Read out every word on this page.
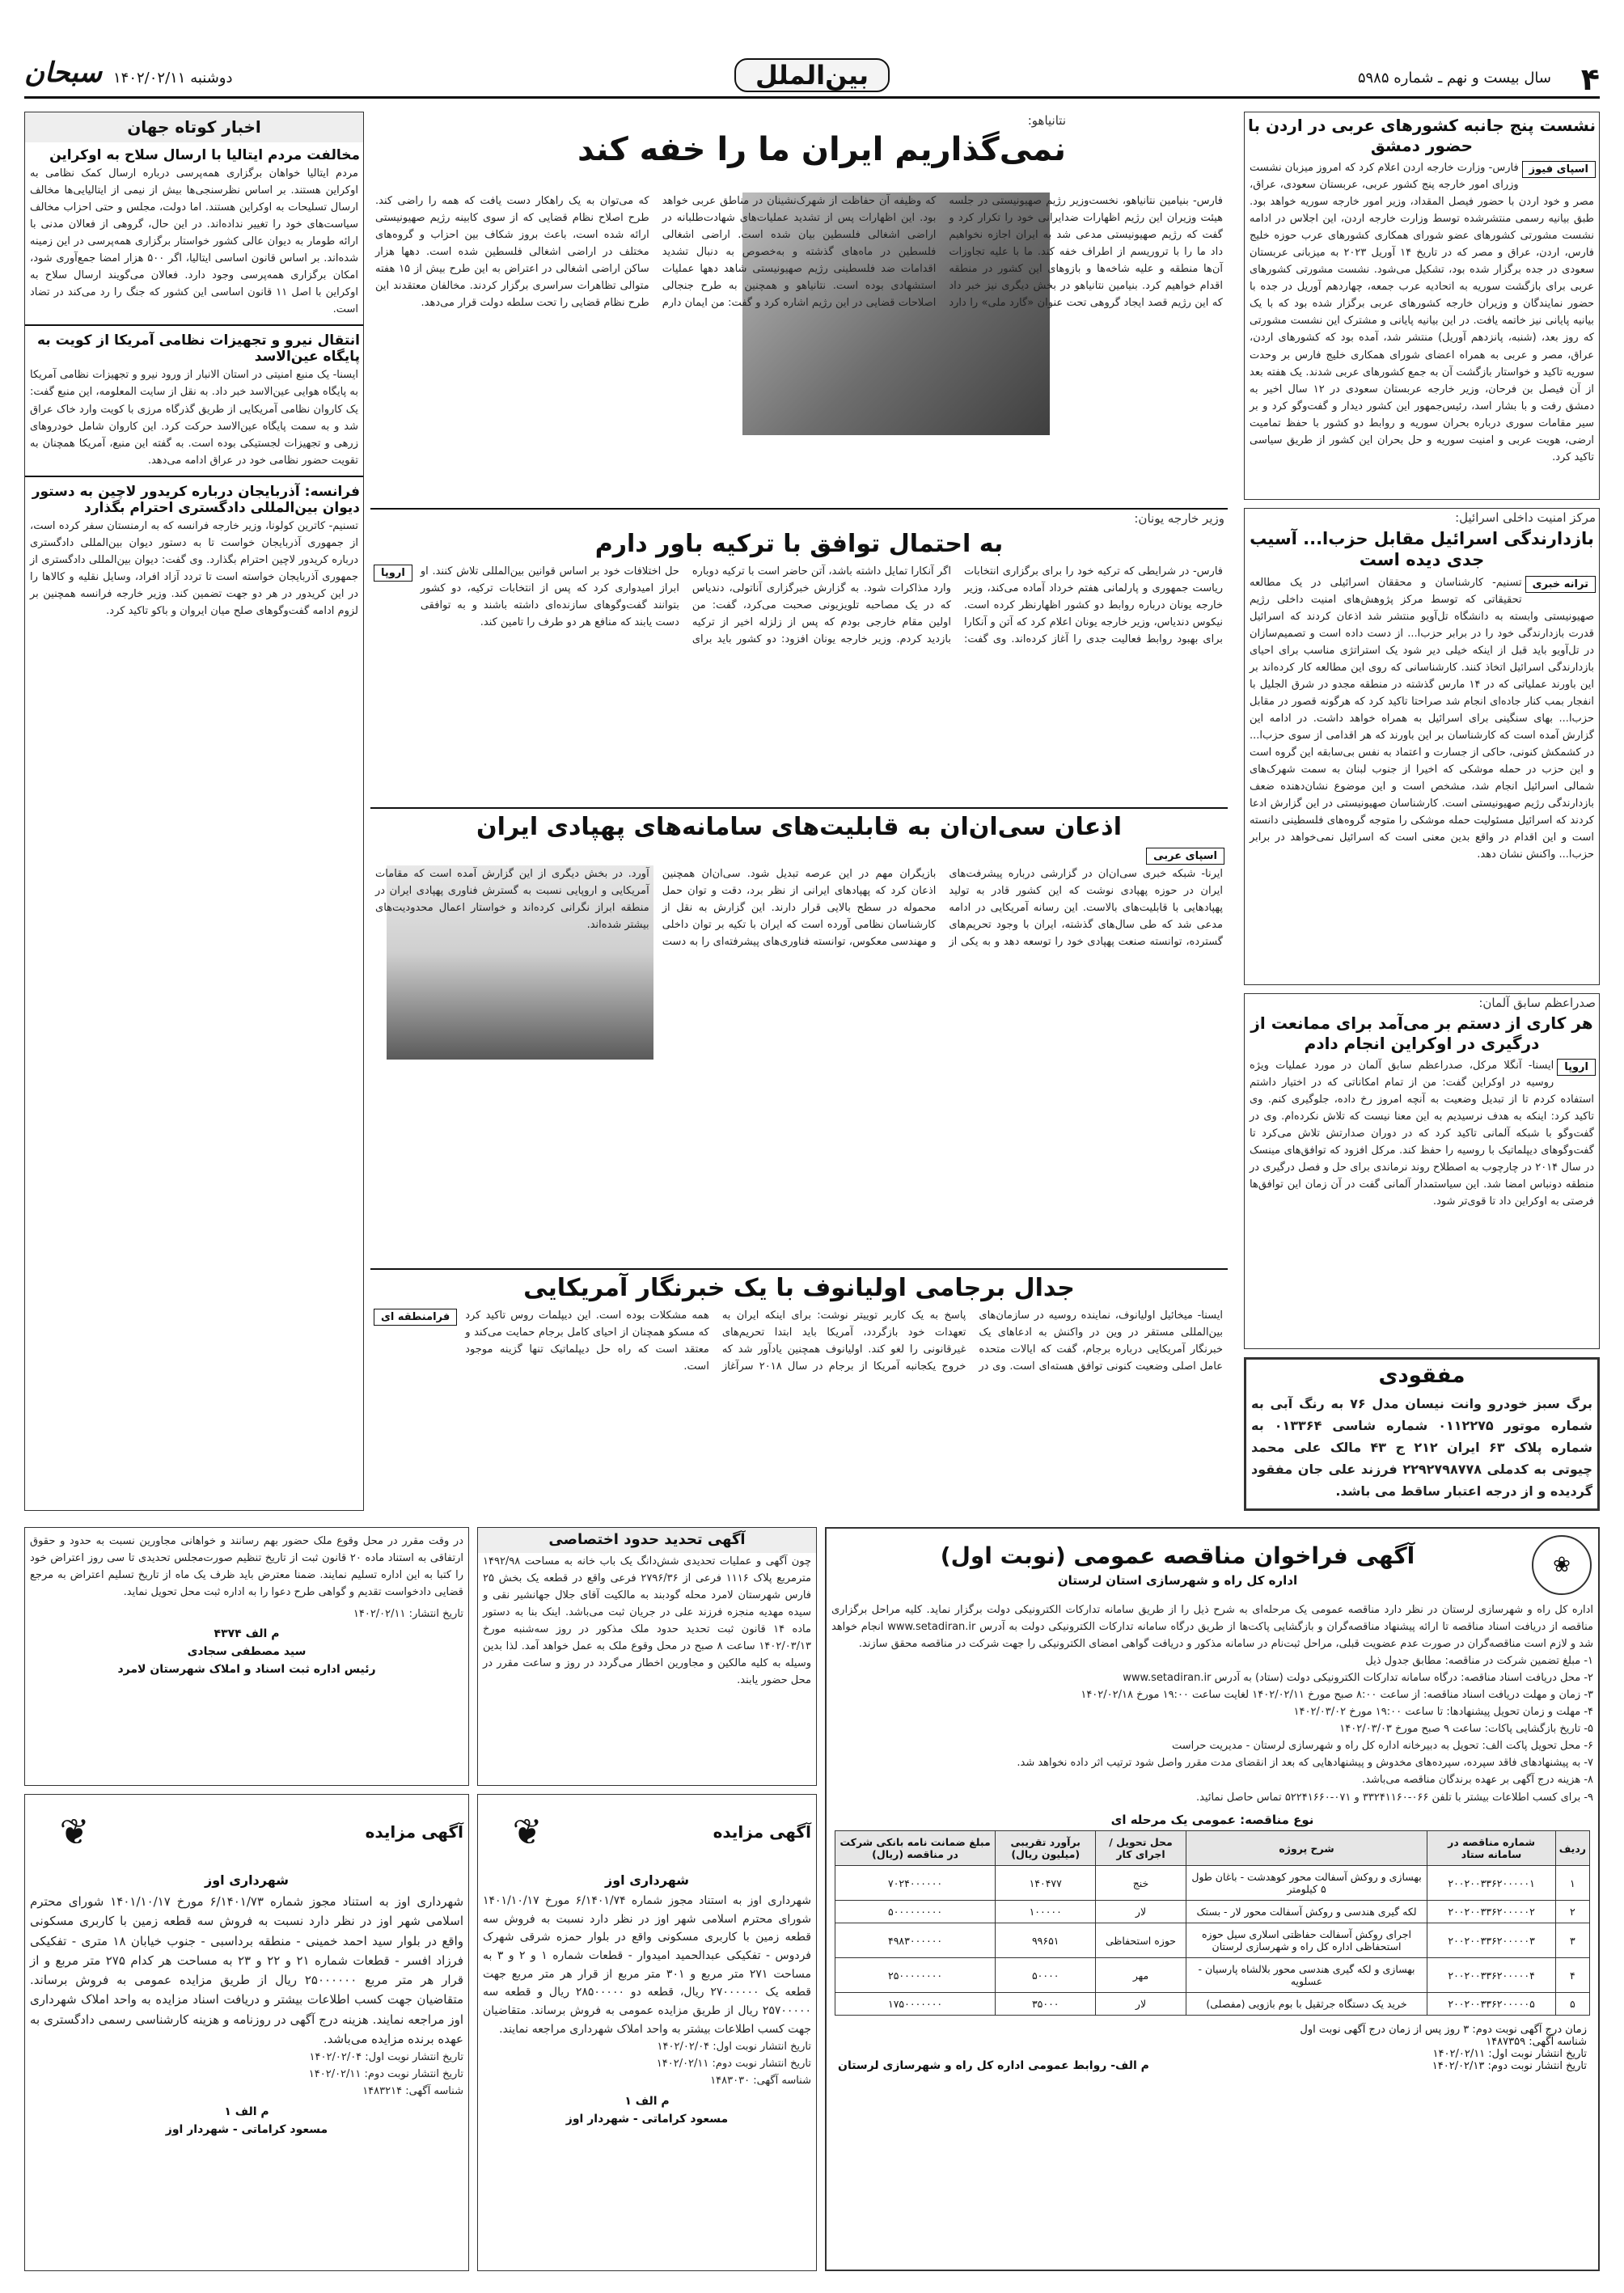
۴
سال بیست و نهم ـ شماره ۵۹۸۵
بین‌الملل
دوشنبه ۱۴۰۲/۰۲/۱۱
سبحان
نشست پنج جانبه کشورهای عربی در اردن با حضور دمشق
اسپای فیوز
فارس- وزارت خارجه اردن اعلام کرد که امروز میزبان نشست وزرای امور خارجه پنج کشور عربی، عربستان سعودی، عراق، مصر و خود اردن با حضور فیصل المقداد، وزیر امور خارجه سوریه خواهد بود. طبق بیانیه رسمی منتشرشده توسط وزارت خارجه اردن، این اجلاس در ادامه نشست مشورتی کشورهای عضو شورای همکاری کشورهای عرب حوزه خلیج فارس، اردن، عراق و مصر که در تاریخ ۱۴ آوریل ۲۰۲۳ به میزبانی عربستان سعودی در جده برگزار شده بود، تشکیل می‌شود. نشست مشورتی کشورهای عربی برای بازگشت سوریه به اتحادیه عرب جمعه، چهاردهم آوریل در جده با حضور نمایندگان و وزیران خارجه کشورهای عربی برگزار شده بود که با یک بیانیه پایانی نیز خاتمه یافت. در این بیانیه پایانی و مشترک این نشست مشورتی که روز بعد، (شنبه، پانزدهم آوریل) منتشر شد، آمده بود که کشورهای اردن، عراق، مصر و عربی به همراه اعضای شورای همکاری خلیج فارس بر وحدت سوریه تاکید و خواستار بازگشت آن به جمع کشورهای عربی شدند. یک هفته بعد از آن فیصل بن فرحان، وزیر خارجه عربستان سعودی در ۱۲ سال اخیر به دمشق رفت و با بشار اسد، رئیس‌جمهور این کشور دیدار و گفت‌وگو کرد و بر سیر مقامات سوری درباره بحران سوریه و روابط دو کشور با حفظ تمامیت ارضی، هویت عربی و امنیت سوریه و حل بحران این کشور از طریق سیاسی تاکید کرد.
مرکز امنیت داخلی اسرائیل:
بازدارندگی اسرائیل مقابل حزب‌ا... آسیب جدی دیده است
ترانه خبری
تسنیم- کارشناسان و محققان اسرائیلی در یک مطالعه تحقیقاتی که توسط مرکز پژوهش‌های امنیت داخلی رژیم صهیونیستی وابسته به دانشگاه تل‌آویو منتشر شد اذعان کردند که اسرائیل قدرت بازدارندگی خود را در برابر حزب‌ا... از دست داده است و تصمیم‌سازان در تل‌آویو باید قبل از اینکه خیلی دیر شود یک استراتژی مناسب برای احیای بازدارندگی اسرائیل اتخاذ کنند. کارشناسانی که روی این مطالعه کار کرده‌اند بر این باورند عملیاتی که در ۱۴ مارس گذشته در منطقه مجدو در شرق الجلیل با انفجار بمب کنار جاده‌ای انجام شد صراحتا تاکید کرد که هرگونه قصور در مقابل حزب‌ا... بهای سنگینی برای اسرائیل به همراه خواهد داشت. در ادامه این گزارش آمده است که کارشناسان بر این باورند که هر اقدامی از سوی حزب‌ا... در کشمکش کنونی، حاکی از جسارت و اعتماد به نفس بی‌سابقه این گروه است و این حزب در حمله موشکی که اخیرا از جنوب لبنان به سمت شهرک‌های شمالی اسرائیل انجام شد، مشخص است و این موضوع نشان‌دهنده ضعف بازدارندگی رژیم صهیونیستی است. کارشناسان صهیونیستی در این گزارش ادعا کردند که اسرائیل مسئولیت حمله موشکی را متوجه گروه‌های فلسطینی دانسته است و این اقدام در واقع بدین معنی است که اسرائیل نمی‌خواهد در برابر حزب‌ا... واکنش نشان دهد.
صدراعظم سابق آلمان:
هر کاری از دستم بر می‌آمد برای ممانعت از درگیری در اوکراین انجام دادم
اروپا
ایسنا- آنگلا مرکل، صدراعظم سابق آلمان در مورد عملیات ویژه روسیه در اوکراین گفت: من از تمام امکاناتی که در اختیار داشتم استفاده کردم تا از تبدیل وضعیت به آنچه امروز رخ داده، جلوگیری کنم. وی تاکید کرد: اینکه به هدف نرسیدیم به این معنا نیست که تلاش نکرده‌ام. وی در گفت‌وگو با شبکه آلمانی تاکید کرد که در دوران صدارتش تلاش می‌کرد تا گفت‌وگوهای دیپلماتیک با روسیه را حفظ کند. مرکل افزود که توافق‌های مینسک در سال ۲۰۱۴ در چارچوب به اصطلاح روند نرماندی برای حل و فصل درگیری در منطقه دونباس امضا شد. این سیاستمدار آلمانی گفت در آن زمان این توافق‌ها فرصتی به اوکراین داد تا قوی‌تر شود.
مفقودی
برگ سبز خودرو وانت نیسان مدل ۷۶ به رنگ آبی به شماره موتور ۰۱۱۲۲۷۵ شماره شاسی ۰۱۳۳۶۴ به شماره پلاک ۶۳ ایران ۲۱۲ ج ۴۳ مالک علی محمد چیوتی به کدملی ۲۲۹۲۷۹۸۷۷۸ فرزند علی جان مفقود گردیده و از درجه اعتبار ساقط می باشد.
نتانیاهو:
نمی‌گذاریم ایران ما را خفه کند
فارس- بنیامین نتانیاهو، نخست‌وزیر رژیم صهیونیستی در جلسه هیئت وزیران این رژیم اظهارات ضدایرانی خود را تکرار کرد و گفت که رژیم صهیونیستی مدعی شد به ایران اجازه نخواهیم داد ما را با تروریسم از اطراف خفه کند. ما با علیه تجاوزات آن‌ها منطقه و علیه شاخه‌ها و بازوهای این کشور در منطقه اقدام خواهیم کرد. بنیامین نتانیاهو در بخش دیگری نیز خبر داد که این رژیم قصد ایجاد گروهی تحت عنوان «گارد ملی» را دارد که وظیفه آن حفاظت از شهرک‌نشینان در مناطق عربی خواهد بود. این اظهارات پس از تشدید عملیات‌های شهادت‌طلبانه در اراضی اشغالی فلسطین بیان شده است. اراضی اشغالی فلسطین در ماه‌های گذشته و به‌خصوص به دنبال تشدید اقدامات ضد فلسطینی رژیم صهیونیستی شاهد دهها عملیات استشهادی بوده است. نتانیاهو و همچنین به طرح جنجالی اصلاحات قضایی در این رژیم اشاره کرد و گفت: من ایمان دارم که می‌توان به یک راهکار دست یافت که همه را راضی کند. طرح اصلاح نظام قضایی که از سوی کابینه رژیم صهیونیستی ارائه شده است، باعث بروز شکاف بین احزاب و گروه‌های مختلف در اراضی اشغالی فلسطین شده است. دهها هزار ساکن اراضی اشغالی در اعتراض به این طرح بیش از ۱۵ هفته متوالی تظاهرات سراسری برگزار کردند. مخالفان معتقدند این طرح نظام قضایی را تحت سلطه دولت قرار می‌دهد.
وزیر خارجه یونان:
به احتمال توافق با ترکیه باور دارم
اروپا	فارس- در شرایطی که ترکیه خود را برای برگزاری انتخابات ریاست جمهوری و پارلمانی هفتم خرداد آماده می‌کند، وزیر خارجه یونان درباره روابط دو کشور اظهارنظر کرده است. نیکوس دندیاس، وزیر خارجه یونان اعلام کرد که آتن و آنکارا برای بهبود روابط فعالیت جدی را آغاز کرده‌اند. وی گفت: اگر آنکارا تمایل داشته باشد، آتن حاضر است با ترکیه دوباره وارد مذاکرات شود. به گزارش خبرگزاری آناتولی، دندیاس که در یک مصاحبه تلویزیونی صحبت می‌کرد، گفت: من اولین مقام خارجی بودم که پس از زلزله اخیر از ترکیه بازدید کردم. وزیر خارجه یونان افزود: دو کشور باید برای حل اختلافات خود بر اساس قوانین بین‌المللی تلاش کنند. او ابراز امیدواری کرد که پس از انتخابات ترکیه، دو کشور بتوانند گفت‌وگوهای سازنده‌ای داشته باشند و به توافقی دست یابند که منافع هر دو طرف را تامین کند.
اذعان سی‌ان‌ان به قابلیت‌های سامانه‌های پهپادی ایران
اسپای عربی
ایرنا- شبکه خبری سی‌ان‌ان در گزارشی درباره پیشرفت‌های ایران در حوزه پهپادی نوشت که این کشور قادر به تولید پهپادهایی با قابلیت‌های بالاست. این رسانه آمریکایی در ادامه مدعی شد که طی سال‌های گذشته، ایران با وجود تحریم‌های گسترده، توانسته صنعت پهپادی خود را توسعه دهد و به یکی از بازیگران مهم در این عرصه تبدیل شود. سی‌ان‌ان همچنین اذعان کرد که پهپادهای ایرانی از نظر برد، دقت و توان حمل محموله در سطح بالایی قرار دارند. این گزارش به نقل از کارشناسان نظامی آورده است که ایران با تکیه بر توان داخلی و مهندسی معکوس، توانسته فناوری‌های پیشرفته‌ای را به دست آورد. در بخش دیگری از این گزارش آمده است که مقامات آمریکایی و اروپایی نسبت به گسترش فناوری پهپادی ایران در منطقه ابراز نگرانی کرده‌اند و خواستار اعمال محدودیت‌های بیشتر شده‌اند.
جدال برجامی اولیانوف با یک خبرنگار آمریکایی
فرامنطقه ای	ایسنا- میخائیل اولیانوف، نماینده روسیه در سازمان‌های بین‌المللی مستقر در وین در واکنش به ادعاهای یک خبرنگار آمریکایی درباره برجام، گفت که ایالات متحده عامل اصلی وضعیت کنونی توافق هسته‌ای است. وی در پاسخ به یک کاربر توییتر نوشت: برای اینکه ایران به تعهدات خود بازگردد، آمریکا باید ابتدا تحریم‌های غیرقانونی را لغو کند. اولیانوف همچنین یادآور شد که خروج یکجانبه آمریکا از برجام در سال ۲۰۱۸ سرآغاز همه مشکلات بوده است. این دیپلمات روس تاکید کرد که مسکو همچنان از احیای کامل برجام حمایت می‌کند و معتقد است که راه حل دیپلماتیک تنها گزینه موجود است.
اخبار کوتاه جهان
مخالفت مردم ایتالیا با ارسال سلاح به اوکراین
مردم ایتالیا خواهان برگزاری همه‌پرسی درباره ارسال کمک نظامی به اوکراین هستند. بر اساس نظرسنجی‌ها بیش از نیمی از ایتالیایی‌ها مخالف ارسال تسلیحات به اوکراین هستند. اما دولت، مجلس و حتی احزاب مخالف سیاست‌های خود را تغییر نداده‌اند. در این حال، گروهی از فعالان مدنی با ارائه طومار به دیوان عالی کشور خواستار برگزاری همه‌پرسی در این زمینه شده‌اند. بر اساس قانون اساسی ایتالیا، اگر ۵۰۰ هزار امضا جمع‌آوری شود، امکان برگزاری همه‌پرسی وجود دارد. فعالان می‌گویند ارسال سلاح به اوکراین با اصل ۱۱ قانون اساسی این کشور که جنگ را رد می‌کند در تضاد است.
انتقال نیرو و تجهیزات نظامی آمریکا از کویت به پایگاه عین‌الاسد
ایسنا- یک منبع امنیتی در استان الانبار از ورود نیرو و تجهیزات نظامی آمریکا به پایگاه هوایی عین‌الاسد خبر داد. به نقل از سایت المعلومه، این منبع گفت: یک کاروان نظامی آمریکایی از طریق گذرگاه مرزی با کویت وارد خاک عراق شد و به سمت پایگاه عین‌الاسد حرکت کرد. این کاروان شامل خودروهای زرهی و تجهیزات لجستیکی بوده است. به گفته این منبع، آمریکا همچنان به تقویت حضور نظامی خود در عراق ادامه می‌دهد.
فرانسه: آذربایجان درباره کریدور لاچین به دستور دیوان بین‌المللی دادگستری احترام بگذارد
تسنیم- کاترین کولونا، وزیر خارجه فرانسه که به ارمنستان سفر کرده است، از جمهوری آذربایجان خواست تا به دستور دیوان بین‌المللی دادگستری درباره کریدور لاچین احترام بگذارد. وی گفت: دیوان بین‌المللی دادگستری از جمهوری آذربایجان خواسته است تا تردد آزاد افراد، وسایل نقلیه و کالاها را در این کریدور در هر دو جهت تضمین کند. وزیر خارجه فرانسه همچنین بر لزوم ادامه گفت‌وگوهای صلح میان ایروان و باکو تاکید کرد.
در وقت مقرر در محل وقوع ملک حضور بهم رسانند و خواهانی مجاورین نسبت به حدود و حقوق ارتفاقی به استناد ماده ۲۰ قانون ثبت از تاریخ تنظیم صورت‌مجلس تحدیدی تا سی روز اعتراض خود را کتبا به این اداره تسلیم نمایند. ضمنا معترض باید ظرف یک ماه از تاریخ تسلیم اعتراض به مرجع قضایی دادخواست تقدیم و گواهی طرح دعوا را به اداره ثبت محل تحویل نماید.
تاریخ انتشار: ۱۴۰۲/۰۲/۱۱
م الف ۴۳۷۴
سید مصطفی سجادی
رئیس اداره ثبت اسناد و املاک شهرستان لامرد
آگهی تحدید حدود اختصاصی
چون آگهی و عملیات تحدیدی شش‌دانگ یک باب خانه به مساحت ۱۴۹۲/۹۸ مترمربع پلاک ۱۱۱۶ فرعی از ۲۷۹۶/۳۶ فرعی واقع در قطعه یک بخش ۲۵ فارس شهرستان لامرد محله گودبند به مالکیت آقای جلال جهانشیر نقی و سیده مهدیه منجزه فرزند علی در جریان ثبت می‌باشد. اینک بنا به دستور ماده ۱۴ قانون ثبت تحدید حدود ملک مذکور در روز سه‌شنبه مورخ ۱۴۰۲/۰۳/۱۳ ساعت ۸ صبح در محل وقوع ملک به عمل خواهد آمد. لذا بدین وسیله به کلیه مالکین و مجاورین اخطار می‌گردد در روز و ساعت مقرر در محل حضور یابند.
❀
آگهی فراخوان مناقصه عمومی (نوبت اول)
اداره کل راه و شهرسازی استان لرستان
اداره کل راه و شهرسازی لرستان در نظر دارد مناقصه عمومی یک مرحله‌ای به شرح ذیل را از طریق سامانه تدارکات الکترونیکی دولت برگزار نماید. کلیه مراحل برگزاری مناقصه از دریافت اسناد مناقصه تا ارائه پیشنهاد مناقصه‌گران و بازگشایی پاکت‌ها از طریق درگاه سامانه تدارکات الکترونیکی دولت به آدرس www.setadiran.ir انجام خواهد شد و لازم است مناقصه‌گران در صورت عدم عضویت قبلی، مراحل ثبت‌نام در سامانه مذکور و دریافت گواهی امضای الکترونیکی را جهت شرکت در مناقصه محقق سازند.
۱- مبلغ تضمین شرکت در مناقصه: مطابق جدول ذیل
۲- محل دریافت اسناد مناقصه: درگاه سامانه تدارکات الکترونیکی دولت (ستاد) به آدرس www.setadiran.ir
۳- زمان و مهلت دریافت اسناد مناقصه: از ساعت ۸:۰۰ صبح مورخ ۱۴۰۲/۰۲/۱۱ لغایت ساعت ۱۹:۰۰ مورخ ۱۴۰۲/۰۲/۱۸
۴- مهلت و زمان تحویل پیشنهادها: تا ساعت ۱۹:۰۰ مورخ ۱۴۰۲/۰۳/۰۲
۵- تاریخ بازگشایی پاکات: ساعت ۹ صبح مورخ ۱۴۰۲/۰۳/۰۳
۶- محل تحویل پاکت الف: تحویل به دبیرخانه اداره کل راه و شهرسازی لرستان - مدیریت حراست
۷- به پیشنهادهای فاقد سپرده، سپرده‌های مخدوش و پیشنهادهایی که بعد از انقضای مدت مقرر واصل شود ترتیب اثر داده نخواهد شد.
۸- هزینه درج آگهی بر عهده برندگان مناقصه می‌باشد.
۹- برای کسب اطلاعات بیشتر با تلفن ۰۶۶-۳۳۲۴۱۱۶۰ و ۰۷۱-۵۲۲۴۱۶۶۰ تماس حاصل نمائید.
نوع مناقصه: عمومی یک مرحله ای
ردیف	شماره مناقصه در سامانه ستاد	شرح پروژه	محل تحویل / اجرای کار	برآورد تقریبی (میلیون ریال)	مبلغ ضمانت نامه بانکی شرکت در مناقصه (ریال)
۱	۲۰۰۲۰۰۳۳۶۲۰۰۰۰۰۱	بهسازی و روکش آسفالت محور کوهدشت - باغان طول ۵ کیلومتر	خنج	۱۴۰۴۷۷	۷۰۲۴۰۰۰۰۰۰
۲	۲۰۰۲۰۰۳۳۶۲۰۰۰۰۰۲	لکه گیری هندسی و روکش آسفالت محور لار - بستک	لار	۱۰۰۰۰۰	۵۰۰۰۰۰۰۰۰۰
۳	۲۰۰۲۰۰۳۳۶۲۰۰۰۰۰۳	اجرای روکش آسفالت حفاظتی اسلاری سیل حوزه استحفاظی اداره کل راه و شهرسازی لرستان	حوزه استحفاظی	۹۹۶۵۱	۴۹۸۳۰۰۰۰۰۰
۴	۲۰۰۲۰۰۳۳۶۲۰۰۰۰۰۴	بهسازی و لکه گیری هندسی محور بلالشاه پارسیان - عسلویه	مهر	۵۰۰۰۰	۲۵۰۰۰۰۰۰۰۰
۵	۲۰۰۲۰۰۳۳۶۲۰۰۰۰۰۵	خرید یک دستگاه جرثقیل با بوم بازویی (مفصلی)	لار	۳۵۰۰۰	۱۷۵۰۰۰۰۰۰۰
زمان درج آگهی نوبت دوم: ۳ روز پس از زمان درج آگهی نوبت اول
شناسه آگهی: ۱۴۸۷۳۵۹
تاریخ انتشار نوبت اول: ۱۴۰۲/۰۲/۱۱
تاریخ انتشار نوبت دوم: ۱۴۰۲/۰۲/۱۳
م الف- روابط عمومی اداره کل راه و شهرسازی لرستان
آگهی مزایده
❦
شهرداری اوز
شهرداری اوز به استناد مجوز شماره ۶/۱۴۰۱/۷۴ مورخ ۱۴۰۱/۱۰/۱۷ شورای محترم اسلامی شهر اوز در نظر دارد نسبت به فروش سه قطعه زمین با کاربری مسکونی واقع در بلوار حمزه شرقی شهرک فردوس - تفکیکی عبدالحمید امیدوار - قطعات شماره ۱ و ۲ و ۳ به مساحت ۲۷۱ متر مربع و ۳۰۱ متر مربع از قرار هر متر مربع جهت قطعه یک ۲۷۰۰۰۰۰۰ ریال، قطعه دو ۲۸۵۰۰۰۰۰ ریال و قطعه سه ۲۵۷۰۰۰۰۰ ریال از طریق مزایده عمومی به فروش برساند. متقاضیان جهت کسب اطلاعات بیشتر به واحد املاک شهرداری مراجعه نمایند.
تاریخ انتشار نوبت اول: ۱۴۰۲/۰۲/۰۴
تاریخ انتشار نوبت دوم: ۱۴۰۲/۰۲/۱۱
شناسه آگهی: ۱۴۸۳۰۳۰
م الف ۱
مسعود کراماتی - شهردار اوز
آگهی مزایده
❦
شهرداری اوز
شهرداری اوز به استناد مجوز شماره ۶/۱۴۰۱/۷۳ مورخ ۱۴۰۱/۱۰/۱۷ شورای محترم اسلامی شهر اوز در نظر دارد نسبت به فروش سه قطعه زمین با کاربری مسکونی واقع در بلوار سید احمد خمینی - منطقه برداسبی - جنوب خیابان ۱۸ متری - تفکیکی فرزاد افسر - قطعات شماره ۲۱ و ۲۲ و ۲۳ به مساحت هر کدام ۲۷۵ متر مربع و از قرار هر متر مربع ۲۵۰۰۰۰۰۰ ریال از طریق مزایده عمومی به فروش برساند. متقاضیان جهت کسب اطلاعات بیشتر و دریافت اسناد مزایده به واحد املاک شهرداری اوز مراجعه نمایند. هزینه درج آگهی در روزنامه و هزینه کارشناسی رسمی دادگستری به عهده برنده مزایده می‌باشد.
تاریخ انتشار نوبت اول: ۱۴۰۲/۰۲/۰۴
تاریخ انتشار نوبت دوم: ۱۴۰۲/۰۲/۱۱
شناسه آگهی: ۱۴۸۳۲۱۴
م الف ۱
مسعود کراماتی - شهردار اوز
